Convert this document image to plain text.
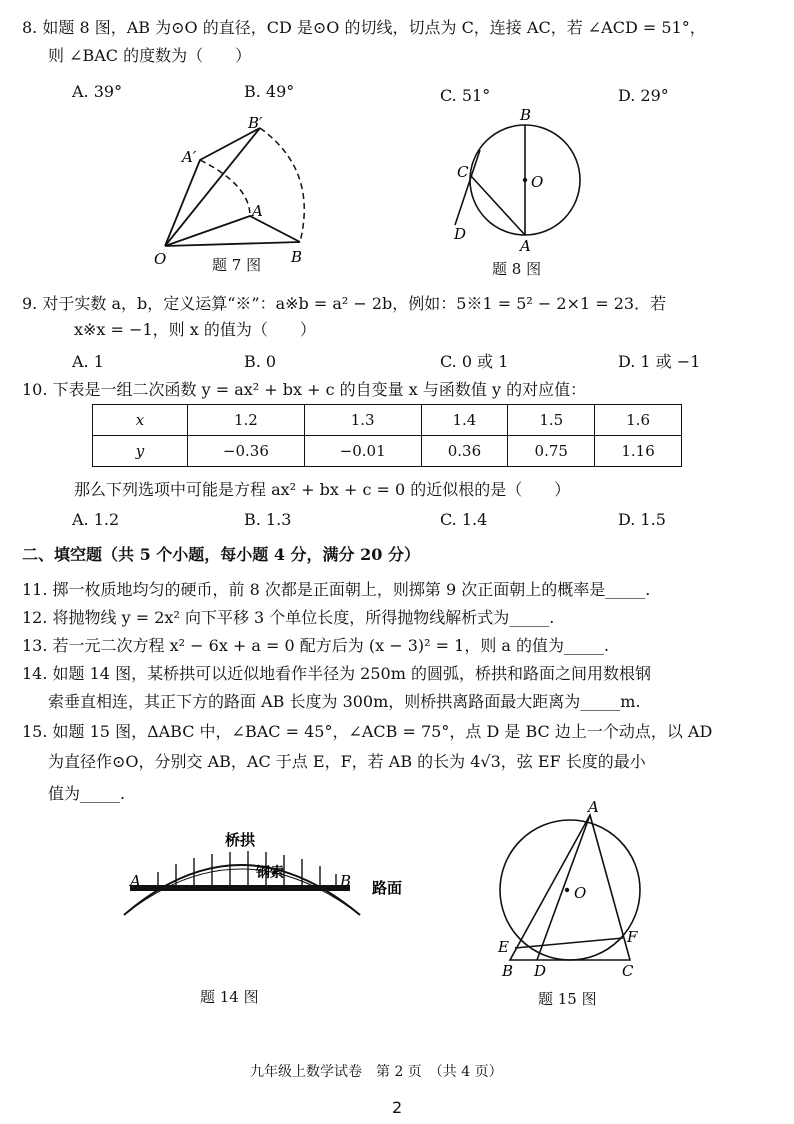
8. 如题 8 图，AB 为⊙O 的直径，CD 是⊙O 的切线，切点为 C，连接 AC，若 ∠ACD = 51°，
则 ∠BAC 的度数为（　　）
A. 39°	B. 49°	C. 51°	D. 29°
B′
A′
A
O	B
题 7 图
B
C
O
D
A
题 8 图
9. 对于实数 a，b，定义运算“※”：a※b = a² − 2b，例如：5※1 = 5² − 2×1 = 23．若
x※x = −1，则 x 的值为（　　）
A. 1	B. 0	C. 0 或 1	D. 1 或 −1
10. 下表是一组二次函数 y = ax² + bx + c 的自变量 x 与函数值 y 的对应值：
x	1.2	1.3	1.4	1.5	1.6
y	−0.36	−0.01	0.36	0.75	1.16
那么下列选项中可能是方程 ax² + bx + c = 0 的近似根的是（　　）
A. 1.2	B. 1.3	C. 1.4	D. 1.5
二、填空题（共 5 个小题，每小题 4 分，满分 20 分）
11. 掷一枚质地均匀的硬币，前 8 次都是正面朝上，则掷第 9 次正面朝上的概率是_____.
12. 将抛物线 y = 2x² 向下平移 3 个单位长度，所得抛物线解析式为_____.
13. 若一元二次方程 x² − 6x + a = 0 配方后为 (x − 3)² = 1，则 a 的值为_____.
14. 如题 14 图，某桥拱可以近似地看作半径为 250m 的圆弧，桥拱和路面之间用数根钢
索垂直相连，其正下方的路面 AB 长度为 300m，则桥拱离路面最大距离为_____m.
15. 如题 15 图，ΔABC 中，∠BAC = 45°，∠ACB = 75°，点 D 是 BC 边上一个动点，以 AD
为直径作⊙O，分别交 AB，AC 于点 E，F，若 AB 的长为 4√3，弦 EF 长度的最小
值为_____.
A	B
桥拱
钢索
路面
题 14 图
A
O
E
F
B D	C
题 15 图
九年级上数学试卷　第 2 页　（共 4 页）
2
